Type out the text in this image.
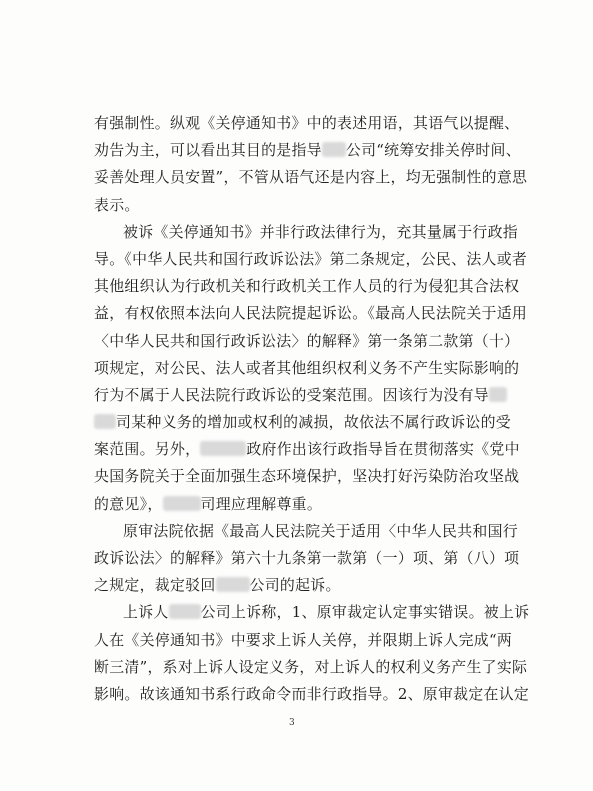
有强制性。纵观《关停通知书》中的表述用语，其语气以提醒、
劝告为主，可以看出其目的是指导 公司“统筹安排关停时间、
妥善处理人员安置”，不管从语气还是内容上，均无强制性的意思
表示。
被诉《关停通知书》并非行政法律行为，充其量属于行政指
导。《中华人民共和国行政诉讼法》第二条规定，公民、法人或者
其他组织认为行政机关和行政机关工作人员的行为侵犯其合法权
益，有权依照本法向人民法院提起诉讼。《最高人民法院关于适用
〈中华人民共和国行政诉讼法〉的解释》第一条第二款第（十）
项规定，对公民、法人或者其他组织权利义务不产生实际影响的
行为不属于人民法院行政诉讼的受案范围。因该行为没有导
司某种义务的增加或权利的减损，故依法不属行政诉讼的受
案范围。另外，	政府作出该行政指导旨在贯彻落实《党中
央国务院关于全面加强生态环境保护，坚决打好污染防治攻坚战
的意见》，	司理应理解尊重。
原审法院依据《最高人民法院关于适用〈中华人民共和国行
政诉讼法〉的解释》第六十九条第一款第（一）项、第（八）项
之规定，裁定驳回 公司的起诉。
上诉人 公司上诉称，1、原审裁定认定事实错误。被上诉
人在《关停通知书》中要求上诉人关停，并限期上诉人完成“两
断三清”，系对上诉人设定义务，对上诉人的权利义务产生了实际
影响。故该通知书系行政命令而非行政指导。2、原审裁定在认定
3
